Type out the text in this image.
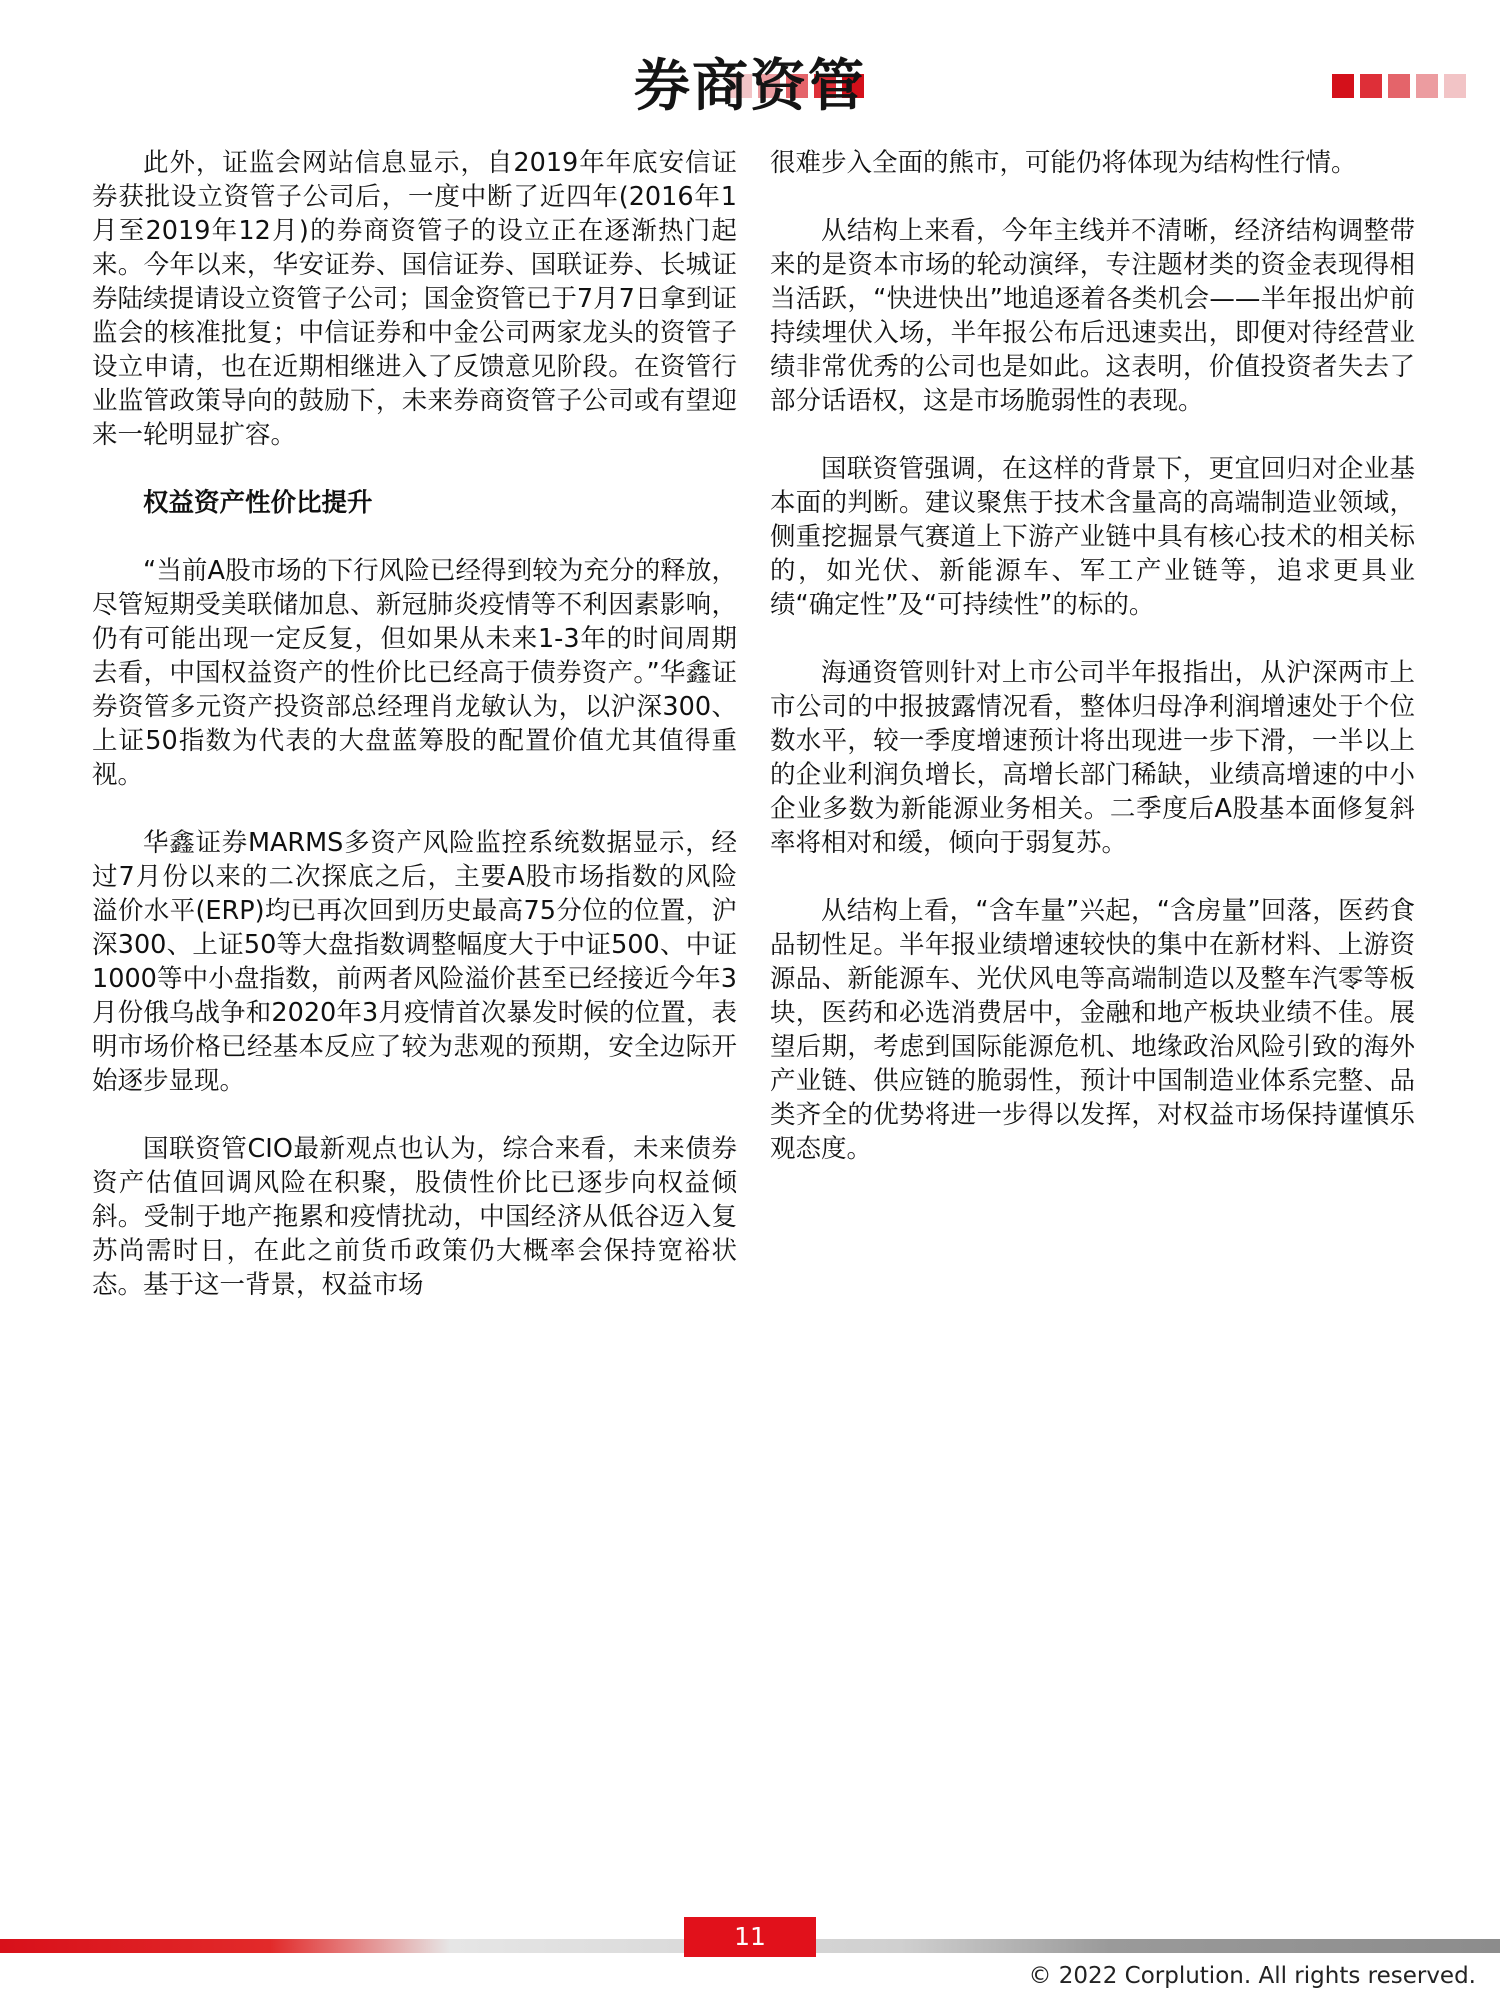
券商资管

此外，证监会网站信息显示，自2019年年底安信证券获批设立资管子公司后，一度中断了近四年(2016年1月至2019年12月)的券商资管子的设立正在逐渐热门起来。今年以来，华安证券、国信证券、国联证券、长城证券陆续提请设立资管子公司；国金资管已于7月7日拿到证监会的核准批复；中信证券和中金公司两家龙头的资管子设立申请，也在近期相继进入了反馈意见阶段。在资管行业监管政策导向的鼓励下，未来券商资管子公司或有望迎来一轮明显扩容。

权益资产性价比提升

“当前A股市场的下行风险已经得到较为充分的释放，尽管短期受美联储加息、新冠肺炎疫情等不利因素影响，仍有可能出现一定反复，但如果从未来1-3年的时间周期去看，中国权益资产的性价比已经高于债券资产。”华鑫证券资管多元资产投资部总经理肖龙敏认为，以沪深300、上证50指数为代表的大盘蓝筹股的配置价值尤其值得重视。

华鑫证券MARMS多资产风险监控系统数据显示，经过7月份以来的二次探底之后，主要A股市场指数的风险溢价水平(ERP)均已再次回到历史最高75分位的位置，沪深300、上证50等大盘指数调整幅度大于中证500、中证1000等中小盘指数，前两者风险溢价甚至已经接近今年3月份俄乌战争和2020年3月疫情首次暴发时候的位置，表明市场价格已经基本反应了较为悲观的预期，安全边际开始逐步显现。

国联资管CIO最新观点也认为，综合来看，未来债券资产估值回调风险在积聚，股债性价比已逐步向权益倾斜。受制于地产拖累和疫情扰动，中国经济从低谷迈入复苏尚需时日，在此之前货币政策仍大概率会保持宽裕状态。基于这一背景，权益市场

很难步入全面的熊市，可能仍将体现为结构性行情。

从结构上来看，今年主线并不清晰，经济结构调整带来的是资本市场的轮动演绎，专注题材类的资金表现得相当活跃，“快进快出”地追逐着各类机会——半年报出炉前持续埋伏入场，半年报公布后迅速卖出，即便对待经营业绩非常优秀的公司也是如此。这表明，价值投资者失去了部分话语权，这是市场脆弱性的表现。

国联资管强调，在这样的背景下，更宜回归对企业基本面的判断。建议聚焦于技术含量高的高端制造业领域，侧重挖掘景气赛道上下游产业链中具有核心技术的相关标的，如光伏、新能源车、军工产业链等，追求更具业绩“确定性”及“可持续性”的标的。

海通资管则针对上市公司半年报指出，从沪深两市上市公司的中报披露情况看，整体归母净利润增速处于个位数水平，较一季度增速预计将出现进一步下滑，一半以上的企业利润负增长，高增长部门稀缺，业绩高增速的中小企业多数为新能源业务相关。二季度后A股基本面修复斜率将相对和缓，倾向于弱复苏。

从结构上看，“含车量”兴起，“含房量”回落，医药食品韧性足。半年报业绩增速较快的集中在新材料、上游资源品、新能源车、光伏风电等高端制造以及整车汽零等板块，医药和必选消费居中，金融和地产板块业绩不佳。展望后期，考虑到国际能源危机、地缘政治风险引致的海外产业链、供应链的脆弱性，预计中国制造业体系完整、品类齐全的优势将进一步得以发挥，对权益市场保持谨慎乐观态度。

11
© 2022 Corplution. All rights reserved.
